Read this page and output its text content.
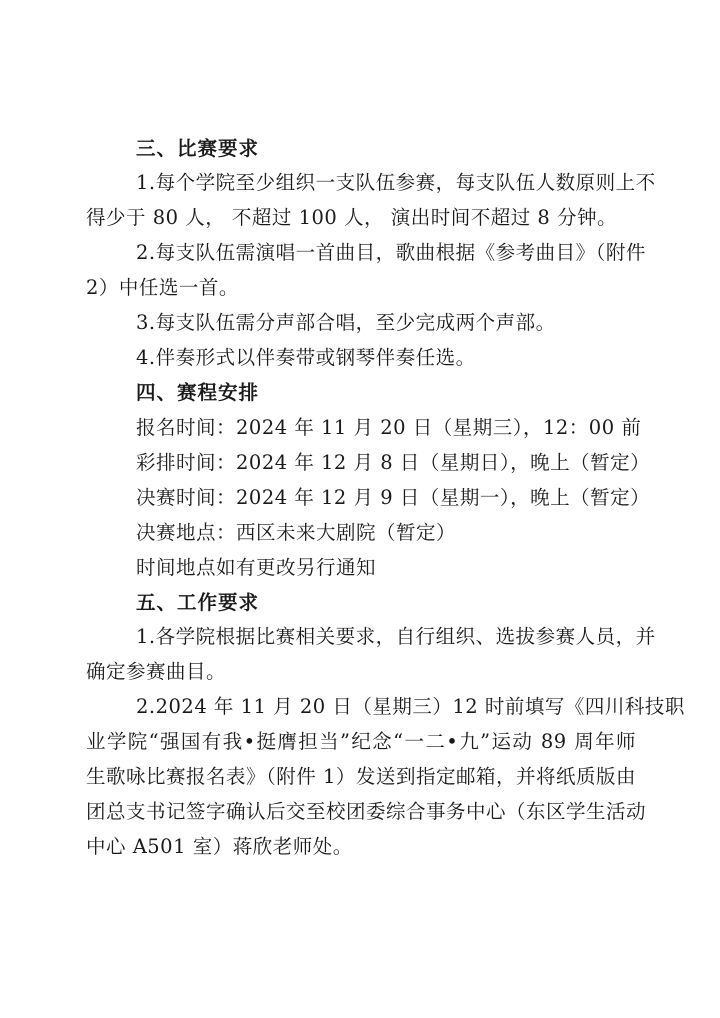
三、比赛要求
1.每个学院至少组织一支队伍参赛，每支队伍人数原则上不
得少于 80 人， 不超过 100 人， 演出时间不超过 8 分钟。
2.每支队伍需演唱一首曲目，歌曲根据《参考曲目》（附件
2）中任选一首。
3.每支队伍需分声部合唱，至少完成两个声部。
4.伴奏形式以伴奏带或钢琴伴奏任选。
四、赛程安排
报名时间：2024 年 11 月 20 日（星期三），12：00 前
彩排时间：2024 年 12 月 8 日（星期日），晚上（暂定）
决赛时间：2024 年 12 月 9 日（星期一），晚上（暂定）
决赛地点：西区未来大剧院（暂定）
时间地点如有更改另行通知
五、工作要求
1.各学院根据比赛相关要求，自行组织、选拔参赛人员，并
确定参赛曲目。
2.2024 年 11 月 20 日（星期三）12 时前填写《四川科技职
业学院“强国有我•挺膺担当”纪念“一二•九”运动 89 周年师
生歌咏比赛报名表》（附件 1）发送到指定邮箱，并将纸质版由
团总支书记签字确认后交至校团委综合事务中心（东区学生活动
中心 A501 室）蒋欣老师处。
